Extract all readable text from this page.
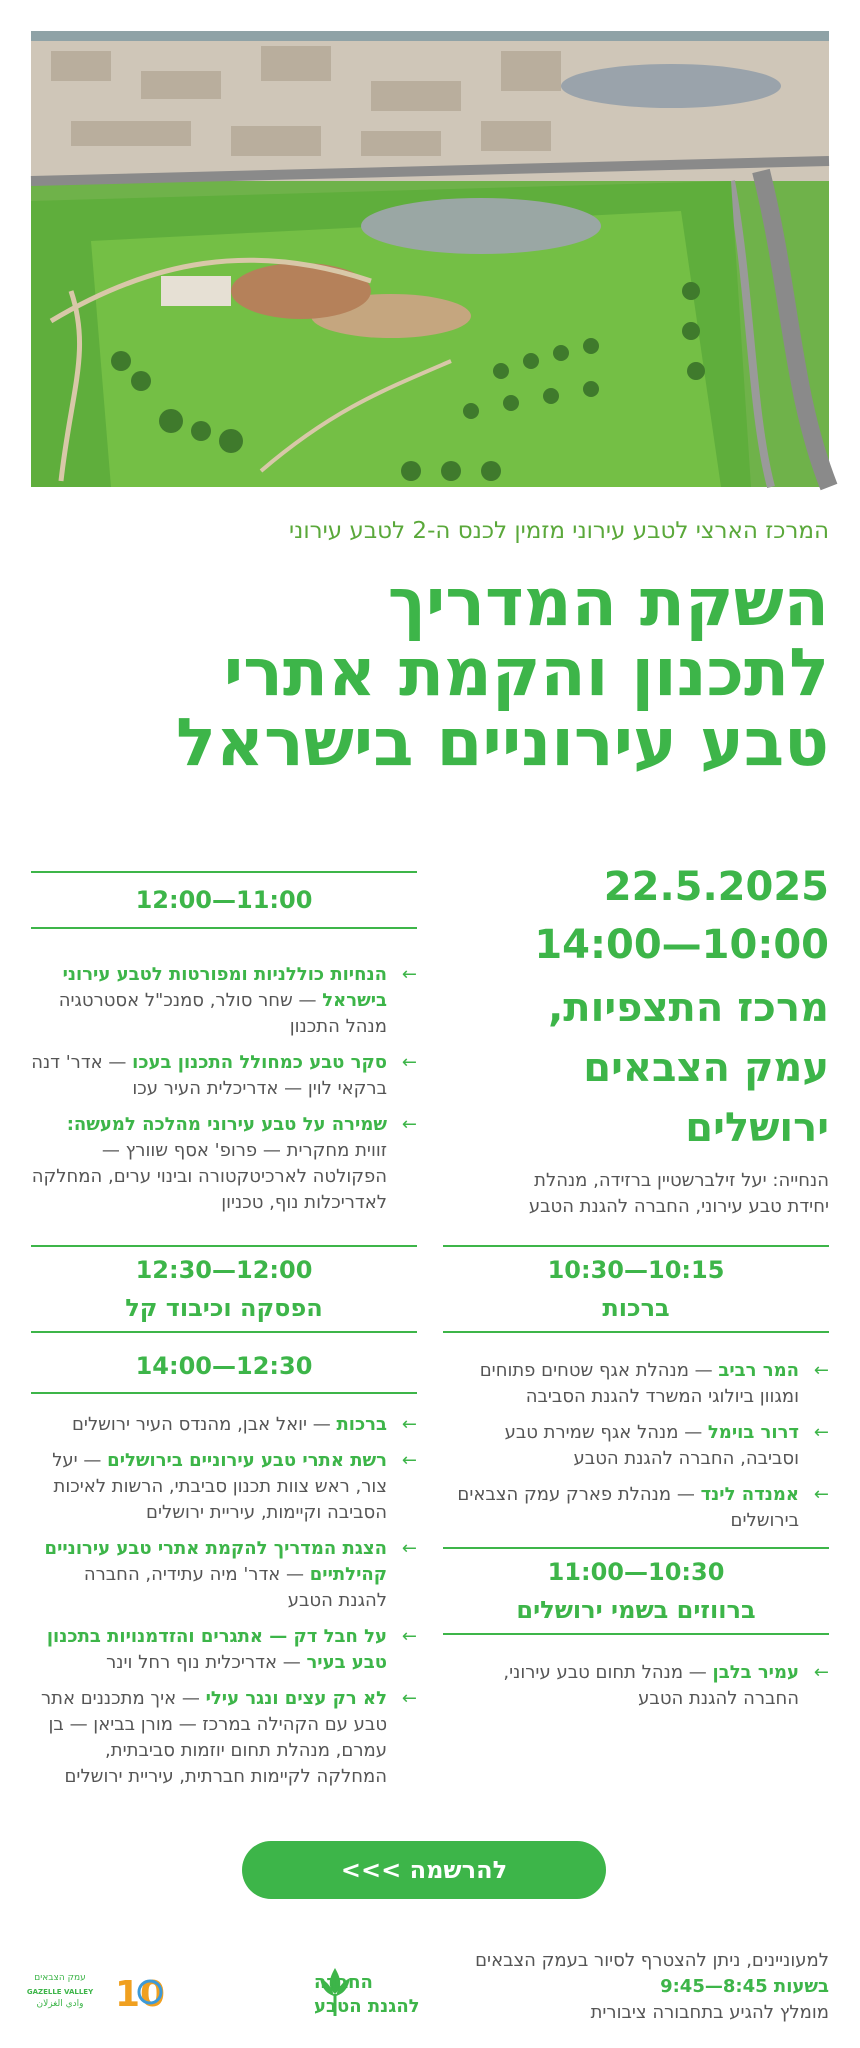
המרכז הארצי לטבע עירוני מזמין לכנס ה-2 לטבע עירוני
השקת המדריך
לתכנון והקמת אתרי
טבע עירוניים בישראל
22.5.2025
10:00—14:00
מרכז התצפיות,
עמק הצבאים
ירושלים
הנחייה: יעל זילברשטיין ברזידה, מנהלת
יחידת טבע עירוני, החברה להגנת הטבע
11:00—12:00
←
הנחיות כוללניות ומפורטות לטבע עירוני בישראל — שחר סולר, סמנכ"ל אסטרטגיה מנהל התכנון
←
סקר טבע כמחולל התכנון בעכו — אדר' דנה ברקאי לוין — אדריכלית העיר עכו
←
שמירה על טבע עירוני מהלכה למעשה: זווית מחקרית — פרופ' אסף שוורץ — הפקולטה לארכיטקטורה ובינוי ערים, המחלקה לאדריכלות נוף, טכניון
12:00—12:30
הפסקה וכיבוד קל
12:30—14:00
←
ברכות — יואל אבן, מהנדס העיר ירושלים
←
רשת אתרי טבע עירוניים בירושלים — יעל צור, ראש צוות תכנון סביבתי, הרשות לאיכות הסביבה וקיימות, עיריית ירושלים
←
הצגת המדריך להקמת אתרי טבע עירוניים קהילתיים — אדר' מיה עתידיה, החברה להגנת הטבע
←
על חבל דק — אתגרים והזדמנויות בתכנון טבע בעיר — אדריכלית נוף רחל וינר
←
לא רק עצים ונגר עילי — איך מתכננים אתר טבע עם הקהילה במרכז — מורן בביאן — בן עמרם, מנהלת תחום יוזמות סביבתית, המחלקה לקיימות חברתית, עיריית ירושלים
10:15—10:30
ברכות
←
המר רביב — מנהלת אגף שטחים פתוחים ומגוון ביולוגי המשרד להגנת הסביבה
←
דרור בוימל — מנהל אגף שמירת טבע וסביבה, החברה להגנת הטבע
←
אמנדה לינד — מנהלת פארק עמק הצבאים בירושלים
10:30—11:00
ברווזים בשמי ירושלים
←
עמיר בלבן — מנהל תחום טבע עירוני, החברה להגנת הטבע
להרשמה >>>
למעוניינים, ניתן להצטרף לסיור בעמק הצבאים
בשעות 8:45—9:45
מומלץ להגיע בתחבורה ציבורית
החברה
להגנת הטבע
10
עמק הצבאים
GAZELLE VALLEY
وادي الغزلان
